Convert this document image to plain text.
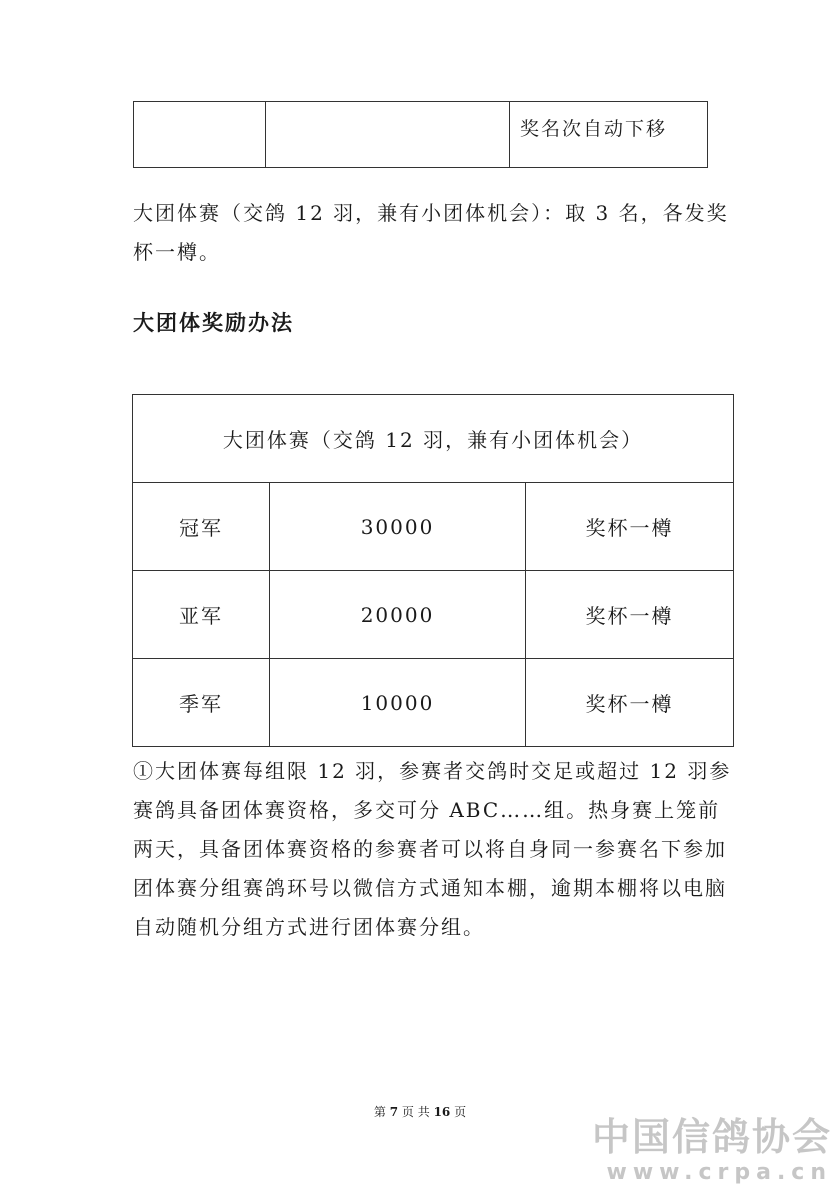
		奖名次自动下移
大团体赛（交鸽 12 羽，兼有小团体机会）：取 3 名，各发奖杯一樽。
大团体奖励办法
大团体赛（交鸽 12 羽，兼有小团体机会）		
冠军	30000	奖杯一樽
亚军	20000	奖杯一樽
季军	10000	奖杯一樽
①大团体赛每组限 12 羽，参赛者交鸽时交足或超过 12 羽参赛鸽具备团体赛资格，多交可分 ABC……组。热身赛上笼前两天，具备团体赛资格的参赛者可以将自身同一参赛名下参加团体赛分组赛鸽环号以微信方式通知本棚，逾期本棚将以电脑自动随机分组方式进行团体赛分组。
第 7 页 共 16 页
中国信鸽协会
www.crpa.cn
